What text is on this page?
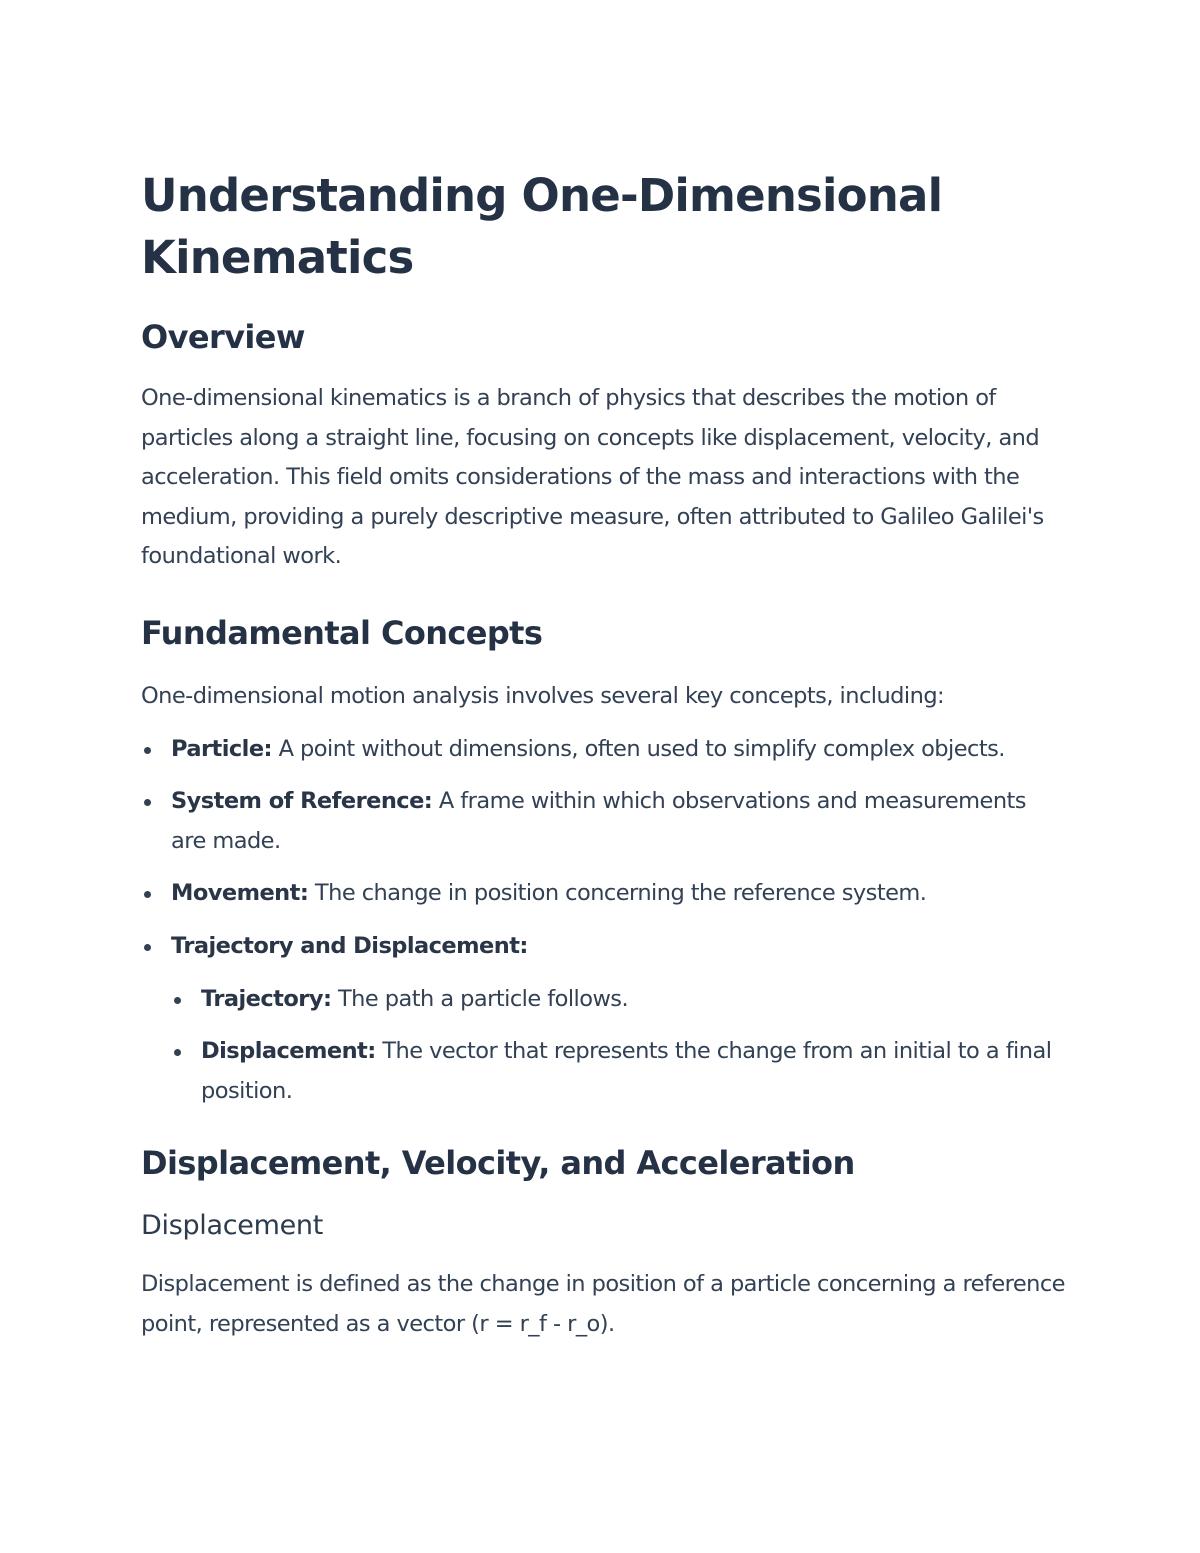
Understanding One-Dimensional Kinematics
Overview

One-dimensional kinematics is a branch of physics that describes the motion of particles along a straight line, focusing on concepts like displacement, velocity, and acceleration. This field omits considerations of the mass and interactions with the medium, providing a purely descriptive measure, often attributed to Galileo Galilei's foundational work.

Fundamental Concepts

One-dimensional motion analysis involves several key concepts, including:

Particle: A point without dimensions, often used to simplify complex objects.
System of Reference: A frame within which observations and measurements are made.
Movement: The change in position concerning the reference system.
Trajectory and Displacement:
Trajectory: The path a particle follows.
Displacement: The vector that represents the change from an initial to a final position.
Displacement, Velocity, and Acceleration
Displacement

Displacement is defined as the change in position of a particle concerning a reference point, represented as a vector (r = r_f - r_o).
